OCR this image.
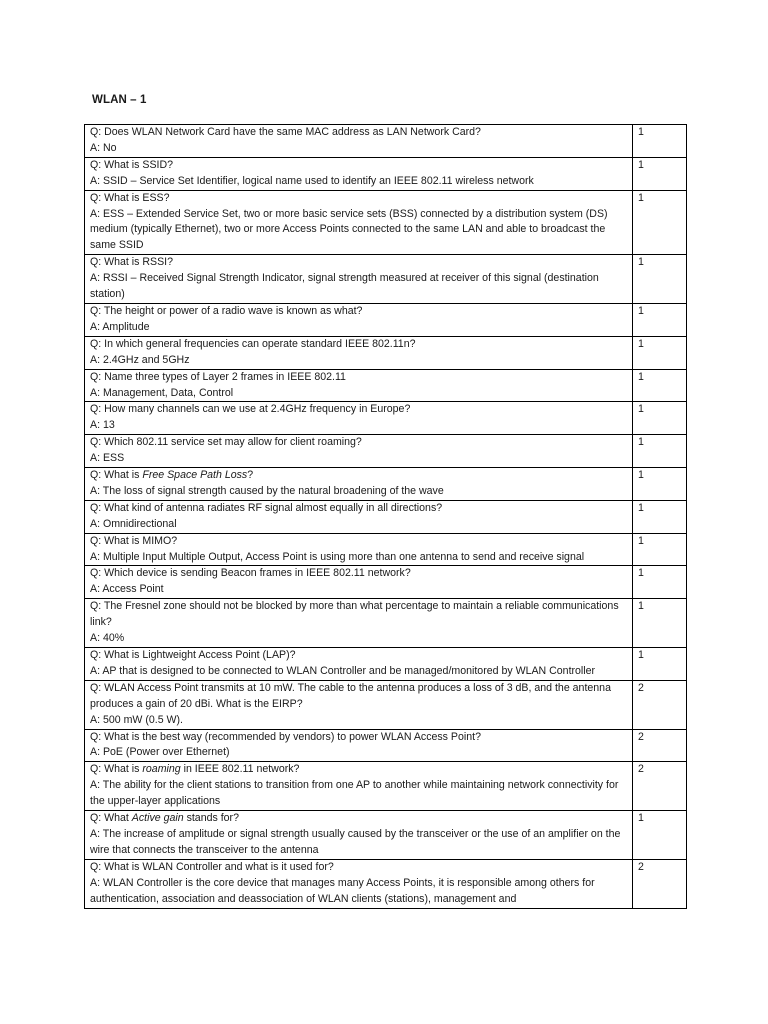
WLAN – 1
Q: Does WLAN Network Card have the same MAC address as LAN Network Card?
A: No	1

Q: What is SSID?
A: SSID – Service Set Identifier, logical name used to identify an IEEE 802.11 wireless network	1

Q: What is ESS?
A: ESS – Extended Service Set, two or more basic service sets (BSS) connected by a distribution system (DS) medium (typically Ethernet), two or more Access Points connected to the same LAN and able to broadcast the same SSID	1

Q: What is RSSI?
A: RSSI – Received Signal Strength Indicator, signal strength measured at receiver of this signal (destination station)	1

Q: The height or power of a radio wave is known as what?
A: Amplitude	1

Q: In which general frequencies can operate standard IEEE 802.11n?
A: 2.4GHz and 5GHz	1

Q: Name three types of Layer 2 frames in IEEE 802.11
A: Management, Data, Control	1

Q: How many channels can we use at 2.4GHz frequency in Europe?
A: 13	1

Q: Which 802.11 service set may allow for client roaming?
A: ESS	1

Q: What is Free Space Path Loss?
A: The loss of signal strength caused by the natural broadening of the wave	1

Q: What kind of antenna radiates RF signal almost equally in all directions?
A: Omnidirectional	1

Q: What is MIMO?
A: Multiple Input Multiple Output, Access Point is using more than one antenna to send and receive signal	1

Q: Which device is sending Beacon frames in IEEE 802.11 network?
A: Access Point	1

Q: The Fresnel zone should not be blocked by more than what percentage to maintain a reliable communications link?
A: 40%	1

Q: What is Lightweight Access Point (LAP)?
A: AP that is designed to be connected to WLAN Controller and be managed/monitored by WLAN Controller	1

Q: WLAN Access Point transmits at 10 mW. The cable to the antenna produces a loss of 3 dB, and the antenna produces a gain of 20 dBi. What is the EIRP?
A: 500 mW (0.5 W).	2

Q: What is the best way (recommended by vendors) to power WLAN Access Point?
A: PoE (Power over Ethernet)	2

Q: What is roaming in IEEE 802.11 network?
A: The ability for the client stations to transition from one AP to another while maintaining network connectivity for the upper-layer applications	2

Q: What Active gain stands for?
A: The increase of amplitude or signal strength usually caused by the transceiver or the use of an amplifier on the wire that connects the transceiver to the antenna	1

Q: What is WLAN Controller and what is it used for?
A: WLAN Controller is the core device that manages many Access Points, it is responsible among others for authentication, association and deassociation of WLAN clients (stations), management and	2
